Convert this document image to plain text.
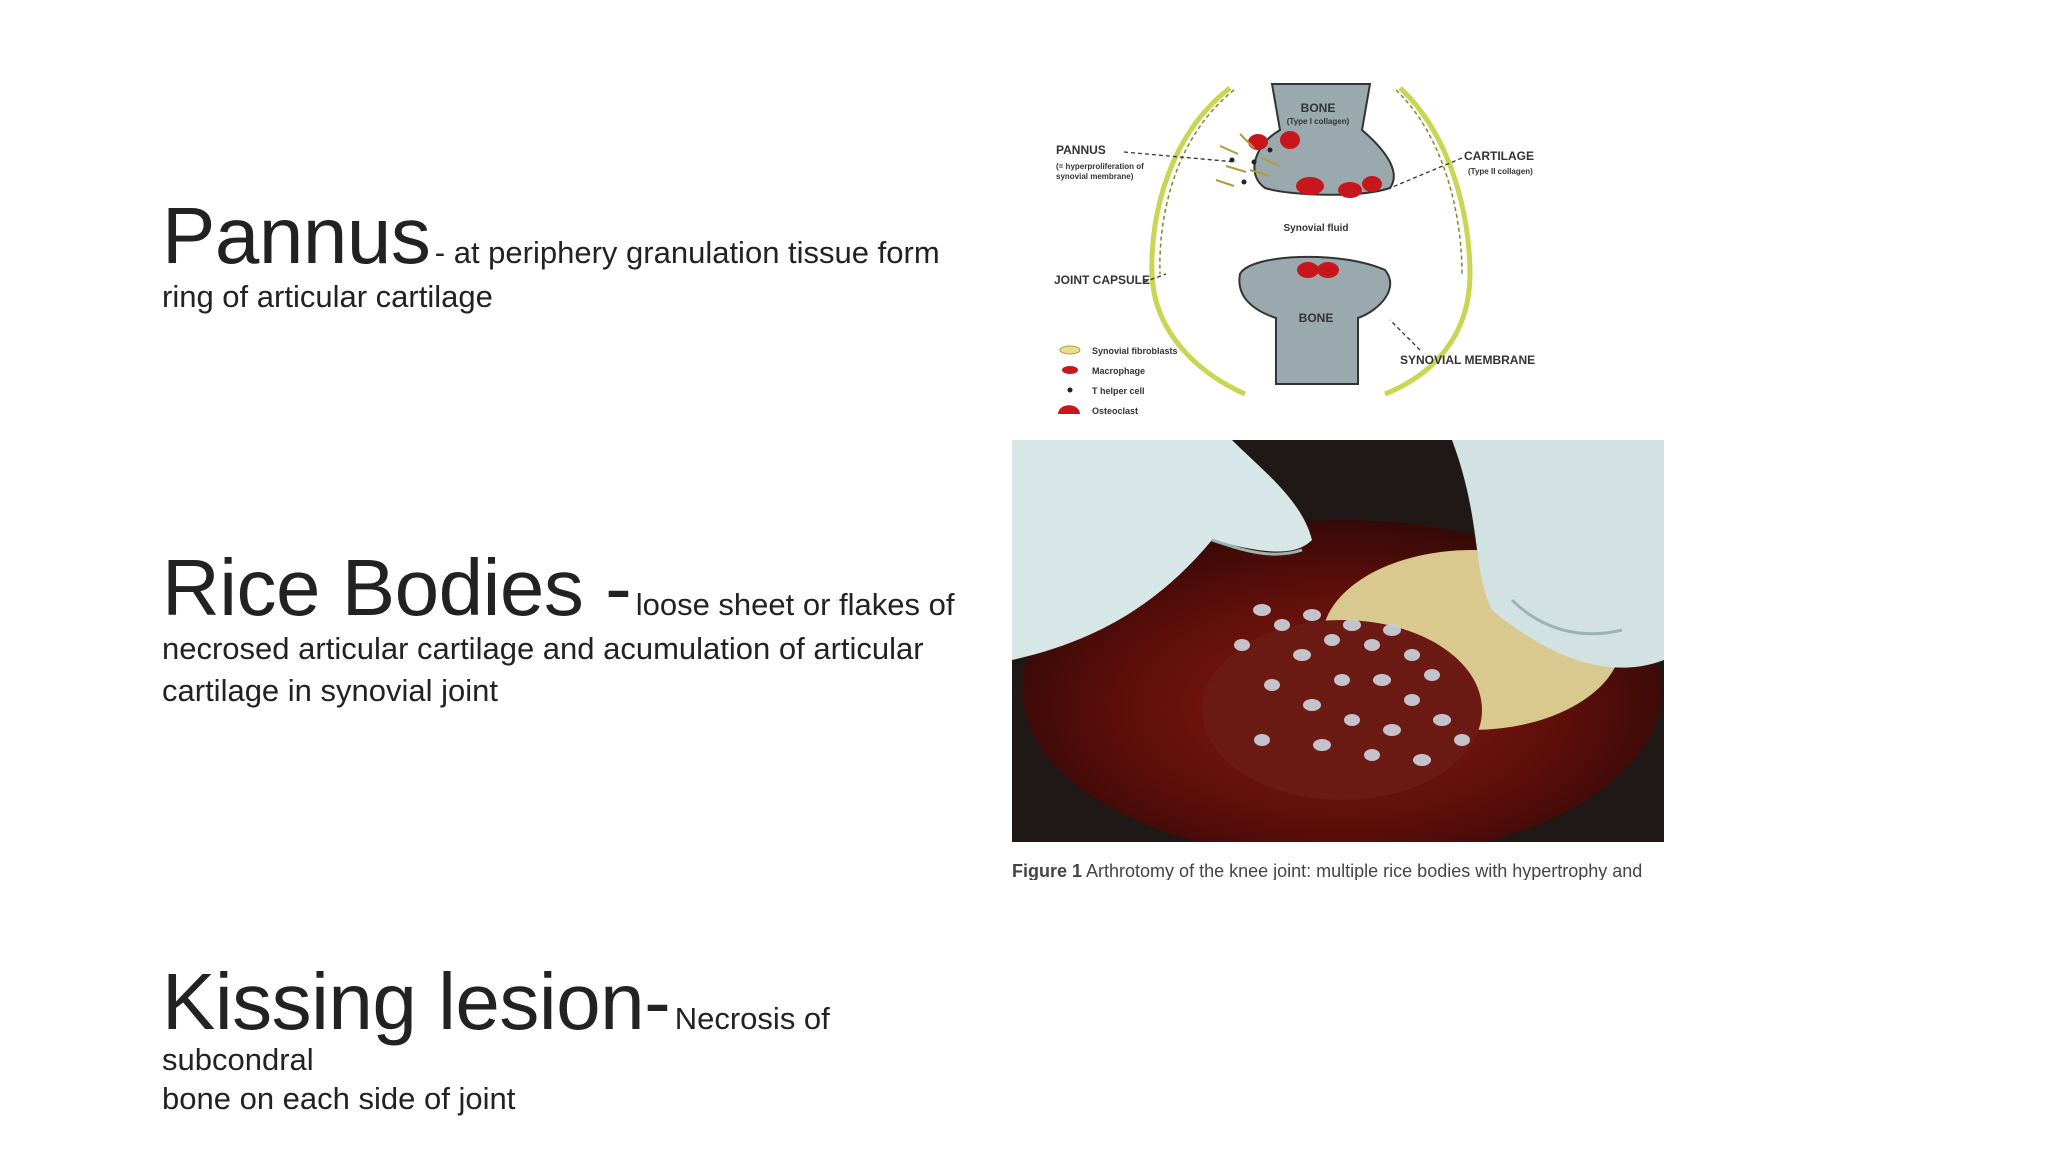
Pannus - at periphery granulation tissue form
ring of articular cartilage
Rice Bodies - loose sheet or flakes of
necrosed articular cartilage and acumulation of articular cartilage in synovial joint
Kissing lesion- Necrosis of subcondral
bone on each side of joint
BONE
(Type I collagen)
PANNUS
(= hyperproliferation of
synovial membrane)
CARTILAGE
(Type II collagen)
Synovial fluid
JOINT CAPSULE
BONE
SYNOVIAL MEMBRANE
Synovial fibroblasts
Macrophage
T helper cell
Osteoclast
Figure 1 Arthrotomy of the knee joint: multiple rice bodies with hypertrophy and
